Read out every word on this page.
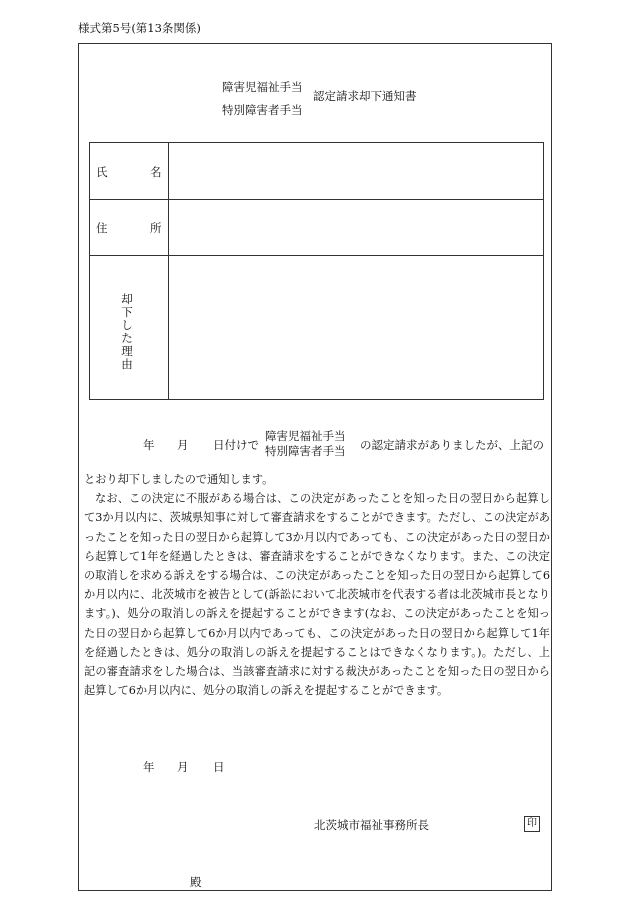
様式第5号(第13条関係)
障害児福祉手当
特別障害者手当
認定請求却下通知書
氏	名
住	所
却下した理由
年 月 日付けで
障害児福祉手当
特別障害者手当 の認定請求がありましたが、上記の

とおり却下しましたので通知します。

なお、この決定に不服がある場合は、この決定があったことを知った日の翌日から起算して3か月以内に、茨城県知事に対して審査請求をすることができます。ただし、この決定があったことを知った日の翌日から起算して3か月以内であっても、この決定があった日の翌日から起算して1年を経過したときは、審査請求をすることができなくなります。また、この決定の取消しを求める訴えをする場合は、この決定があったことを知った日の翌日から起算して6か月以内に、北茨城市を被告として(訴訟において北茨城市を代表する者は北茨城市長となります。)、処分の取消しの訴えを提起することができます(なお、この決定があったことを知った日の翌日から起算して6か月以内であっても、この決定があった日の翌日から起算して1年を経過したときは、処分の取消しの訴えを提起することはできなくなります。)。ただし、上記の審査請求をした場合は、当該審査請求に対する裁決があったことを知った日の翌日から起算して6か月以内に、処分の取消しの訴えを提起することができます。

年 月 日
北茨城市福祉事務所長	印
殿
